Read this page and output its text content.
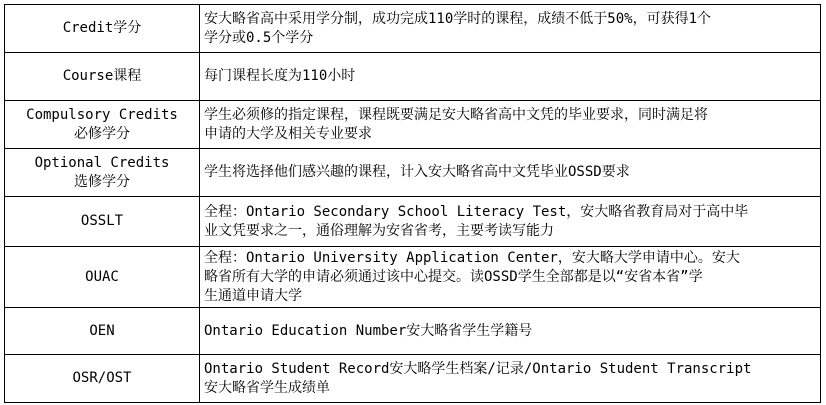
Credit学分	安大略省高中采用学分制，成功完成110学时的课程，成绩不低于50%，可获得1个
学分或0.5个学分

Course课程	每门课程长度为110小时

Compulsory Credits
必修学分	学生必须修的指定课程，课程既要满足安大略省高中文凭的毕业要求，同时满足将
申请的大学及相关专业要求

Optional Credits
选修学分	学生将选择他们感兴趣的课程，计入安大略省高中文凭毕业OSSD要求

OSSLT	全程：Ontario Secondary School Literacy Test，安大略省教育局对于高中毕
业文凭要求之一，通俗理解为安省省考，主要考读写能力

OUAC	全程：Ontario University Application Center，安大略大学申请中心。安大
略省所有大学的申请必须通过该中心提交。读OSSD学生全部都是以“安省本省”学
生通道申请大学

OEN	Ontario Education Number安大略省学生学籍号

OSR/OST	Ontario Student Record安大略学生档案/记录/Ontario Student Transcript
安大略省学生成绩单
